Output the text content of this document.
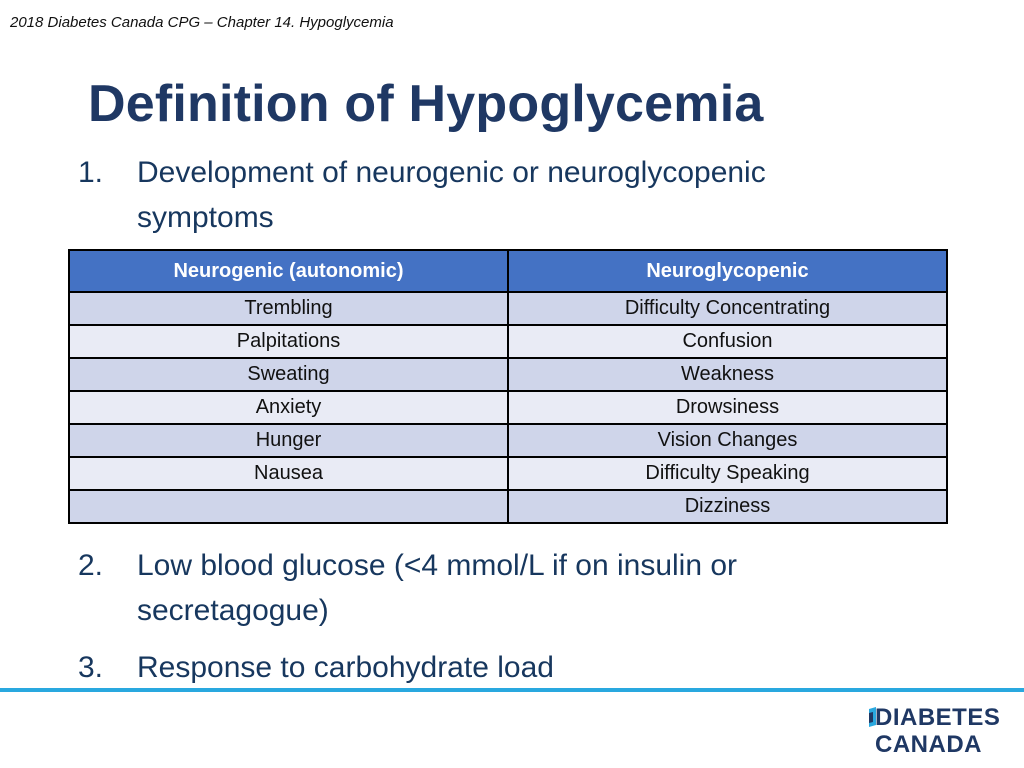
2018 Diabetes Canada CPG – Chapter 14. Hypoglycemia
Definition of Hypoglycemia
1. Development of neurogenic or neuroglycopenic symptoms
Neurogenic (autonomic)	Neuroglycopenic
Trembling	Difficulty Concentrating
Palpitations	Confusion
Sweating	Weakness
Anxiety	Drowsiness
Hunger	Vision Changes
Nausea	Difficulty Speaking
	Dizziness
2. Low blood glucose (<4 mmol/L if on insulin or secretagogue)
3. Response to carbohydrate load
DIABETES
CANADA
